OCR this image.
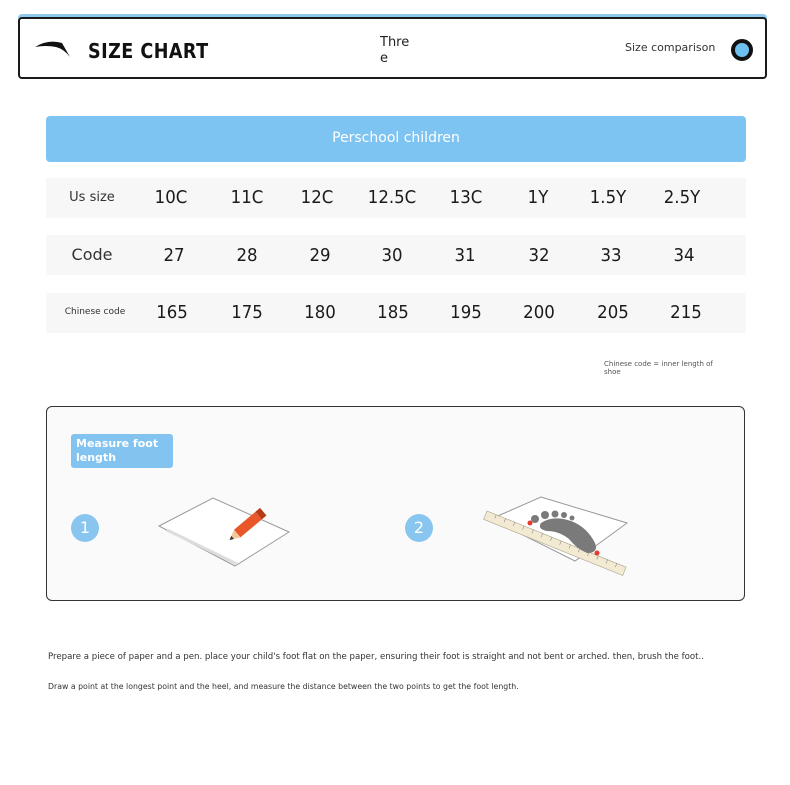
SIZE CHART	Three
Size comparison
Perschool children
Us size	10C	11C	12C	12.5C	13C	1Y	1.5Y	2.5Y
Code	27	28	29	30	31	32	33	34
Chinese code	165	175	180	185	195	200	205	215
Chinese code = inner length of shoe
Measure foot length
1	2
Prepare a piece of paper and a pen. place your child's foot flat on the paper, ensuring their foot is straight and not bent or arched. then, brush the foot..
Draw a point at the longest point and the heel, and measure the distance between the two points to get the foot length.
